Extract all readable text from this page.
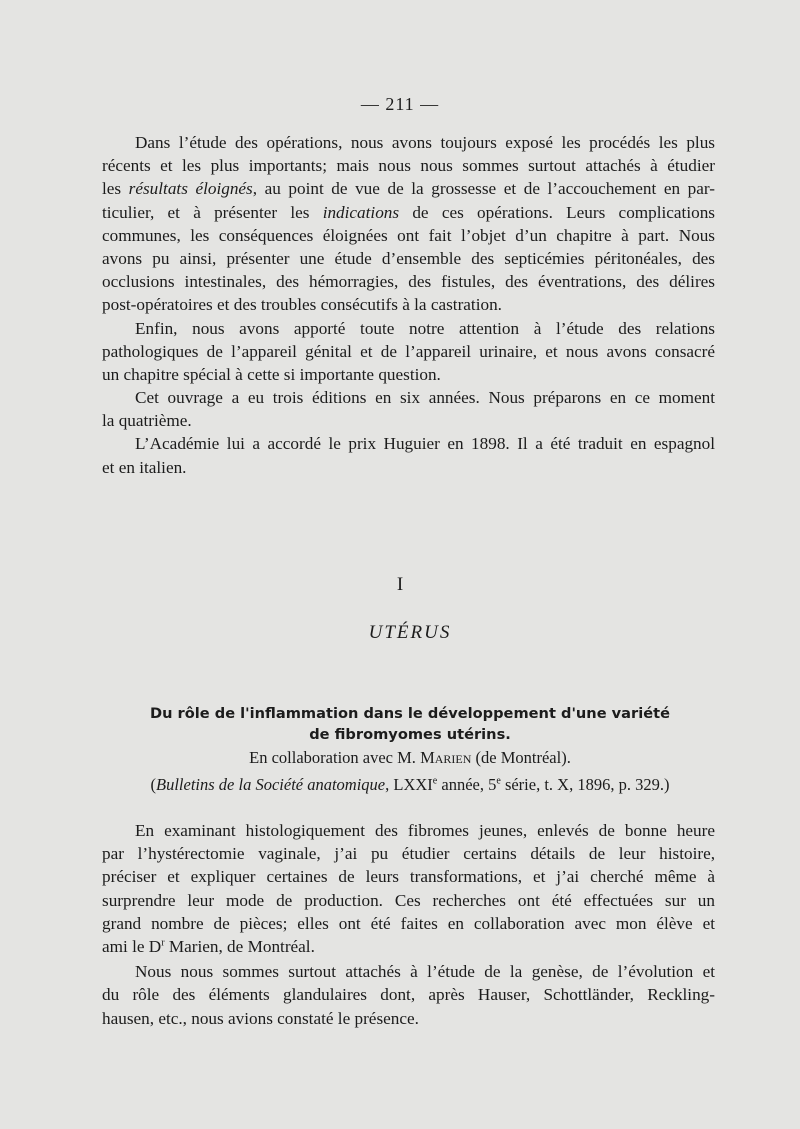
— 211 —
Dans l’étude des opérations, nous avons toujours exposé les procédés les plus
récents et les plus importants; mais nous nous sommes surtout attachés à étudier
les résultats éloignés, au point de vue de la grossesse et de l’accouchement en par-
ticulier, et à présenter les indications de ces opérations. Leurs complications
communes, les conséquences éloignées ont fait l’objet d’un chapitre à part. Nous
avons pu ainsi, présenter une étude d’ensemble des septicémies péritonéales, des
occlusions intestinales, des hémorragies, des fistules, des éventrations, des délires
post-opératoires et des troubles consécutifs à la castration.
Enfin, nous avons apporté toute notre attention à l’étude des relations
pathologiques de l’appareil génital et de l’appareil urinaire, et nous avons consacré
un chapitre spécial à cette si importante question.
Cet ouvrage a eu trois éditions en six années. Nous préparons en ce moment
la quatrième.
L’Académie lui a accordé le prix Huguier en 1898. Il a été traduit en espagnol
et en italien.
I
UTÉRUS
Du rôle de l'inflammation dans le développement d'une variété
de fibromyomes utérins.
En collaboration avec M. Marien (de Montréal).
(Bulletins de la Société anatomique, LXXIe année, 5e série, t. X, 1896, p. 329.)
En examinant histologiquement des fibromes jeunes, enlevés de bonne heure
par l’hystérectomie vaginale, j’ai pu étudier certains détails de leur histoire,
préciser et expliquer certaines de leurs transformations, et j’ai cherché même à
surprendre leur mode de production. Ces recherches ont été effectuées sur un
grand nombre de pièces; elles ont été faites en collaboration avec mon élève et
ami le $D^r$ Marien, de Montréal.
Nous nous sommes surtout attachés à l’étude de la genèse, de l’évolution et
du rôle des éléments glandulaires dont, après Hauser, Schottländer, Reckling-
hausen, etc., nous avions constaté le présence.
